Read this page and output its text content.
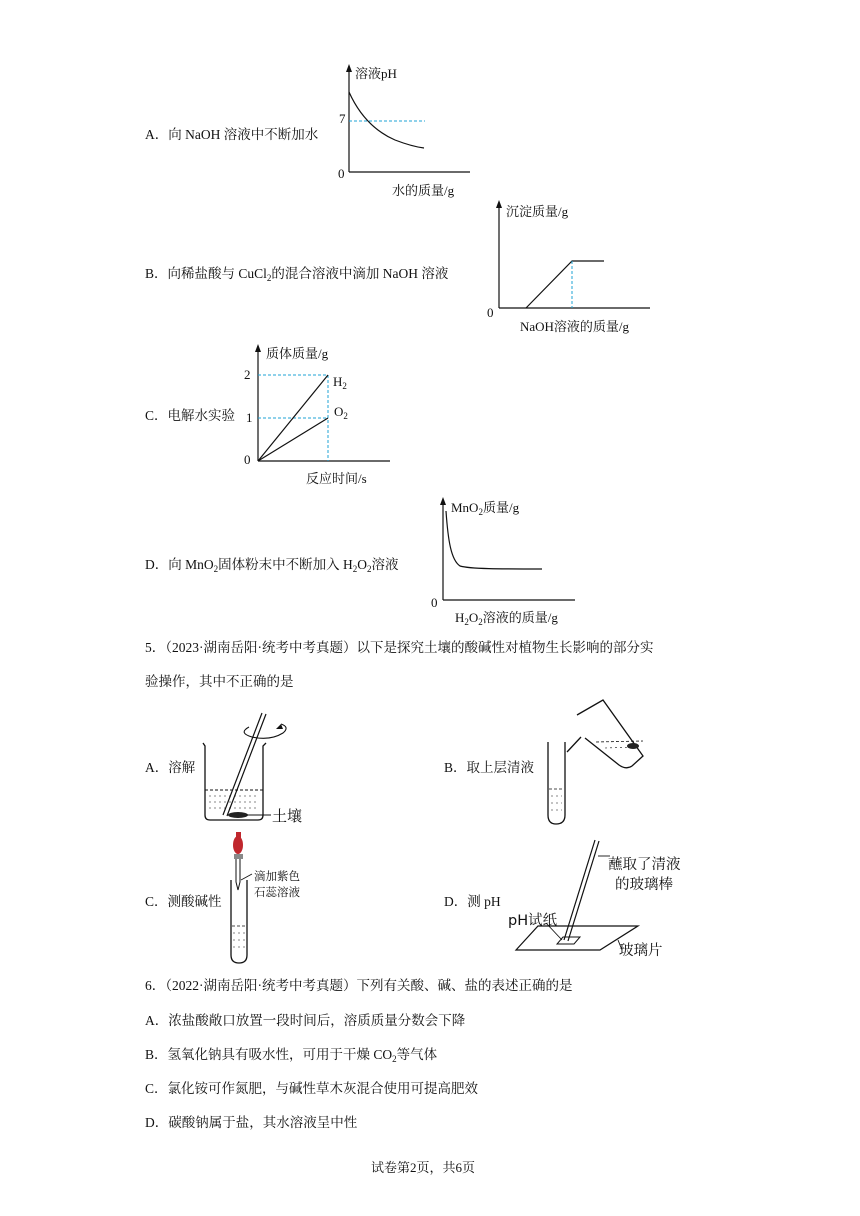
A．向 NaOH 溶液中不断加水
B．向稀盐酸与 CuCl$_2$的混合溶液中滴加 NaOH 溶液
C．电解水实验
D．向 MnO$_2$固体粉末中不断加入 $H_2O_2$溶液
溶液pH
7
0
水的质量/g
沉淀质量/g
0
NaOH溶液的质量/g
质体质量/g
2
1
0
$H_2$
$O_2$
反应时间/s
MnO$_2$质量/g
0
$H_2O_2$溶液的质量/g
5．（2023·湖南岳阳·统考中考真题）以下是探究土壤的酸碱性对植物生长影响的部分实
验操作，其中不正确的是
A．溶解	B．取上层清液
C．测酸碱性	D．测 pH
土壤
滴加紫色
石蕊溶液
蘸取了清液
的玻璃棒
pH试纸
玻璃片
6．（2022·湖南岳阳·统考中考真题）下列有关酸、碱、盐的表述正确的是
A．浓盐酸敞口放置一段时间后，溶质质量分数会下降
B．氢氧化钠具有吸水性，可用于干燥 $CO_2$等气体
C．氯化铵可作氮肥，与碱性草木灰混合使用可提高肥效
D．碳酸钠属于盐，其水溶液呈中性
试卷第2页，共6页
